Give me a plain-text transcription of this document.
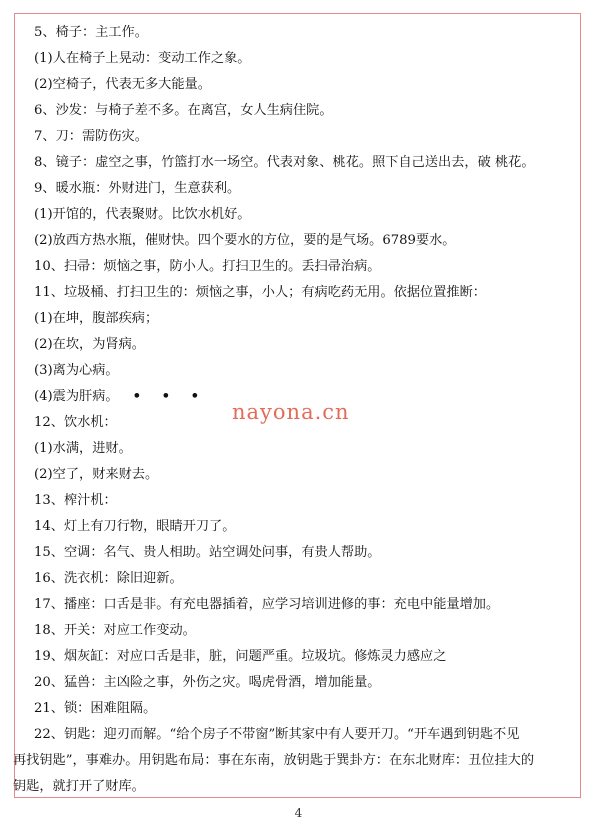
5、椅子：主工作。
(1)人在椅子上晃动：变动工作之象。
(2)空椅子，代表无多大能量。
6、沙发：与椅子差不多。在离宫，女人生病住院。
7、刀：需防伤灾。
8、镜子：虚空之事，竹篮打水一场空。代表对象、桃花。照下自己送出去，破 桃花。
9、暖水瓶：外财进门，生意获利。
(1)开馆的，代表聚财。比饮水机好。
(2)放西方热水瓶，催财快。四个要水的方位，要的是气场。6789要水。
10、扫帚：烦恼之事，防小人。打扫卫生的。丢扫帚治病。
11、垃圾桶、打扫卫生的：烦恼之事，小人；有病吃药无用。依据位置推断：
(1)在坤，腹部疾病；
(2)在坎，为肾病。
(3)离为心病。
(4)震为肝病。 • • •
12、饮水机：
(1)水满，进财。
(2)空了，财来财去。
13、榨汁机：
14、灯上有刀行物，眼睛开刀了。
15、空调：名气、贵人相助。站空调处问事，有贵人帮助。
16、洗衣机：除旧迎新。
17、播座：口舌是非。有充电器插着，应学习培训进修的事：充电中能量增加。
18、开关：对应工作变动。
19、烟灰缸：对应口舌是非，脏，问题严重。垃圾坑。修炼灵力感应之
20、猛兽：主凶险之事，外伤之灾。喝虎骨酒，增加能量。
21、锁：困难阻隔。
22、钥匙：迎刃而解。“给个房子不带窗”断其家中有人要开刀。“开车遇到钥匙不见
再找钥匙”，事难办。用钥匙布局：事在东南，放钥匙于巽卦方：在东北财库：丑位挂大的
钥匙，就打开了财库。
nayona.cn
4
